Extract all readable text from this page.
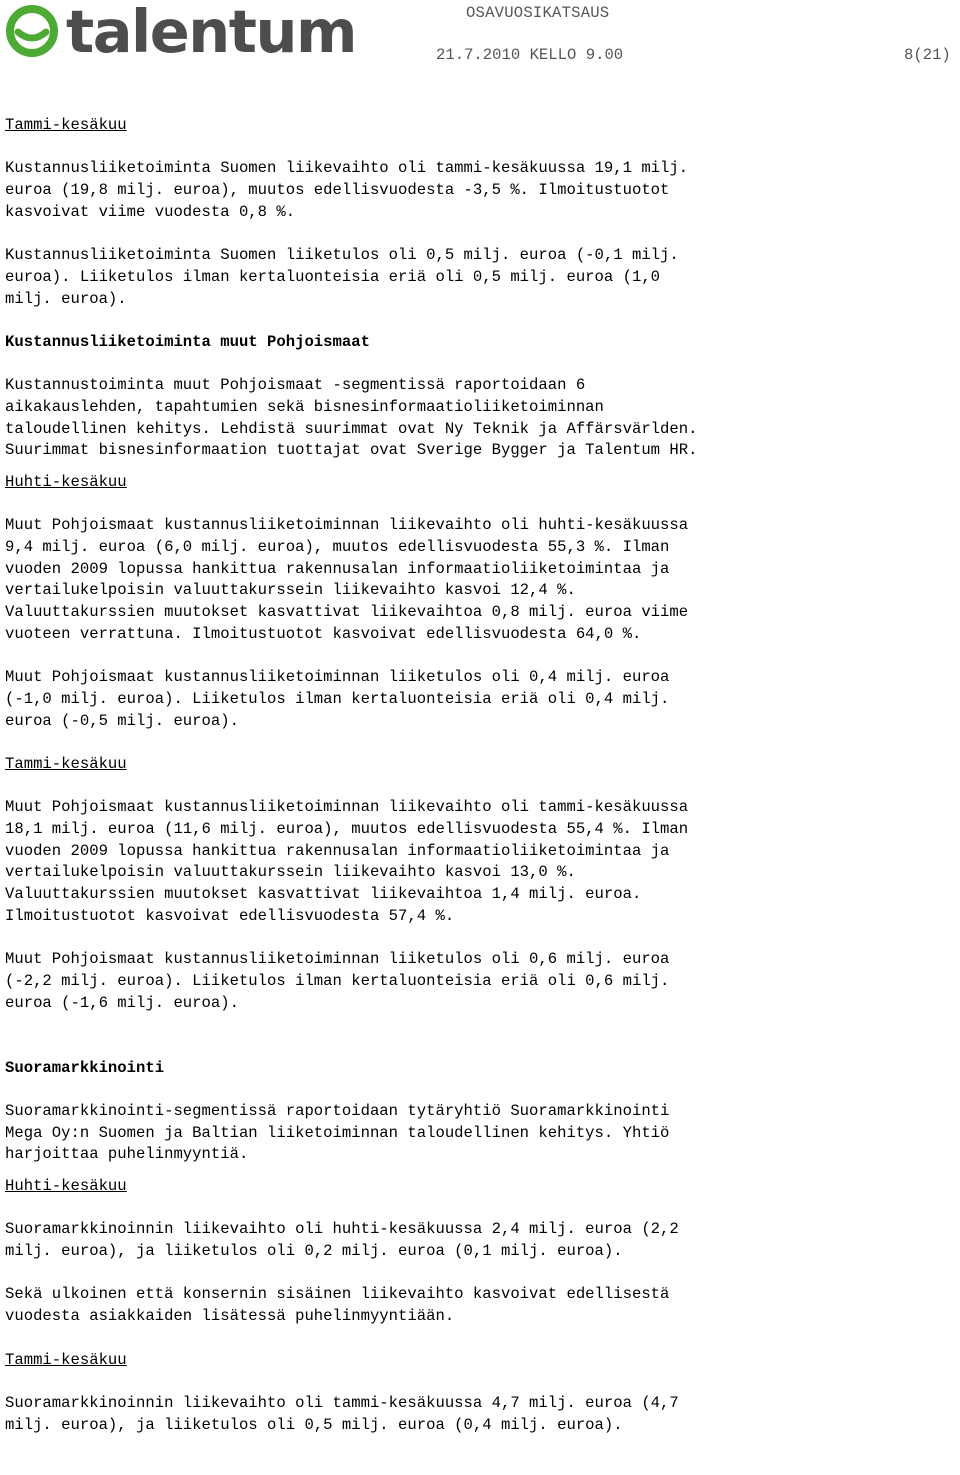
talentum	OSAVUOSIKATSAUS
21.7.2010 KELLO 9.00	8(21)
Tammi-kesäkuu
Kustannusliiketoiminta Suomen liikevaihto oli tammi-kesäkuussa 19,1 milj.
euroa (19,8 milj. euroa), muutos edellisvuodesta -3,5 %. Ilmoitustuotot
kasvoivat viime vuodesta 0,8 %.
Kustannusliiketoiminta Suomen liiketulos oli 0,5 milj. euroa (-0,1 milj.
euroa). Liiketulos ilman kertaluonteisia eriä oli 0,5 milj. euroa (1,0
milj. euroa).
Kustannusliiketoiminta muut Pohjoismaat
Kustannustoiminta muut Pohjoismaat -segmentissä raportoidaan 6
aikakauslehden, tapahtumien sekä bisnesinformaatioliiketoiminnan
taloudellinen kehitys. Lehdistä suurimmat ovat Ny Teknik ja Affärsvärlden.
Suurimmat bisnesinformaation tuottajat ovat Sverige Bygger ja Talentum HR.
Huhti-kesäkuu
Muut Pohjoismaat kustannusliiketoiminnan liikevaihto oli huhti-kesäkuussa
9,4 milj. euroa (6,0 milj. euroa), muutos edellisvuodesta 55,3 %. Ilman
vuoden 2009 lopussa hankittua rakennusalan informaatioliiketoimintaa ja
vertailukelpoisin valuuttakurssein liikevaihto kasvoi 12,4 %.
Valuuttakurssien muutokset kasvattivat liikevaihtoa 0,8 milj. euroa viime
vuoteen verrattuna. Ilmoitustuotot kasvoivat edellisvuodesta 64,0 %.
Muut Pohjoismaat kustannusliiketoiminnan liiketulos oli 0,4 milj. euroa
(-1,0 milj. euroa). Liiketulos ilman kertaluonteisia eriä oli 0,4 milj.
euroa (-0,5 milj. euroa).
Tammi-kesäkuu
Muut Pohjoismaat kustannusliiketoiminnan liikevaihto oli tammi-kesäkuussa
18,1 milj. euroa (11,6 milj. euroa), muutos edellisvuodesta 55,4 %. Ilman
vuoden 2009 lopussa hankittua rakennusalan informaatioliiketoimintaa ja
vertailukelpoisin valuuttakurssein liikevaihto kasvoi 13,0 %.
Valuuttakurssien muutokset kasvattivat liikevaihtoa 1,4 milj. euroa.
Ilmoitustuotot kasvoivat edellisvuodesta 57,4 %.
Muut Pohjoismaat kustannusliiketoiminnan liiketulos oli 0,6 milj. euroa
(-2,2 milj. euroa). Liiketulos ilman kertaluonteisia eriä oli 0,6 milj.
euroa (-1,6 milj. euroa).
Suoramarkkinointi
Suoramarkkinointi-segmentissä raportoidaan tytäryhtiö Suoramarkkinointi
Mega Oy:n Suomen ja Baltian liiketoiminnan taloudellinen kehitys. Yhtiö
harjoittaa puhelinmyyntiä.
Huhti-kesäkuu
Suoramarkkinoinnin liikevaihto oli huhti-kesäkuussa 2,4 milj. euroa (2,2
milj. euroa), ja liiketulos oli 0,2 milj. euroa (0,1 milj. euroa).
Sekä ulkoinen että konsernin sisäinen liikevaihto kasvoivat edellisestä
vuodesta asiakkaiden lisätessä puhelinmyyntiään.
Tammi-kesäkuu
Suoramarkkinoinnin liikevaihto oli tammi-kesäkuussa 4,7 milj. euroa (4,7
milj. euroa), ja liiketulos oli 0,5 milj. euroa (0,4 milj. euroa).
